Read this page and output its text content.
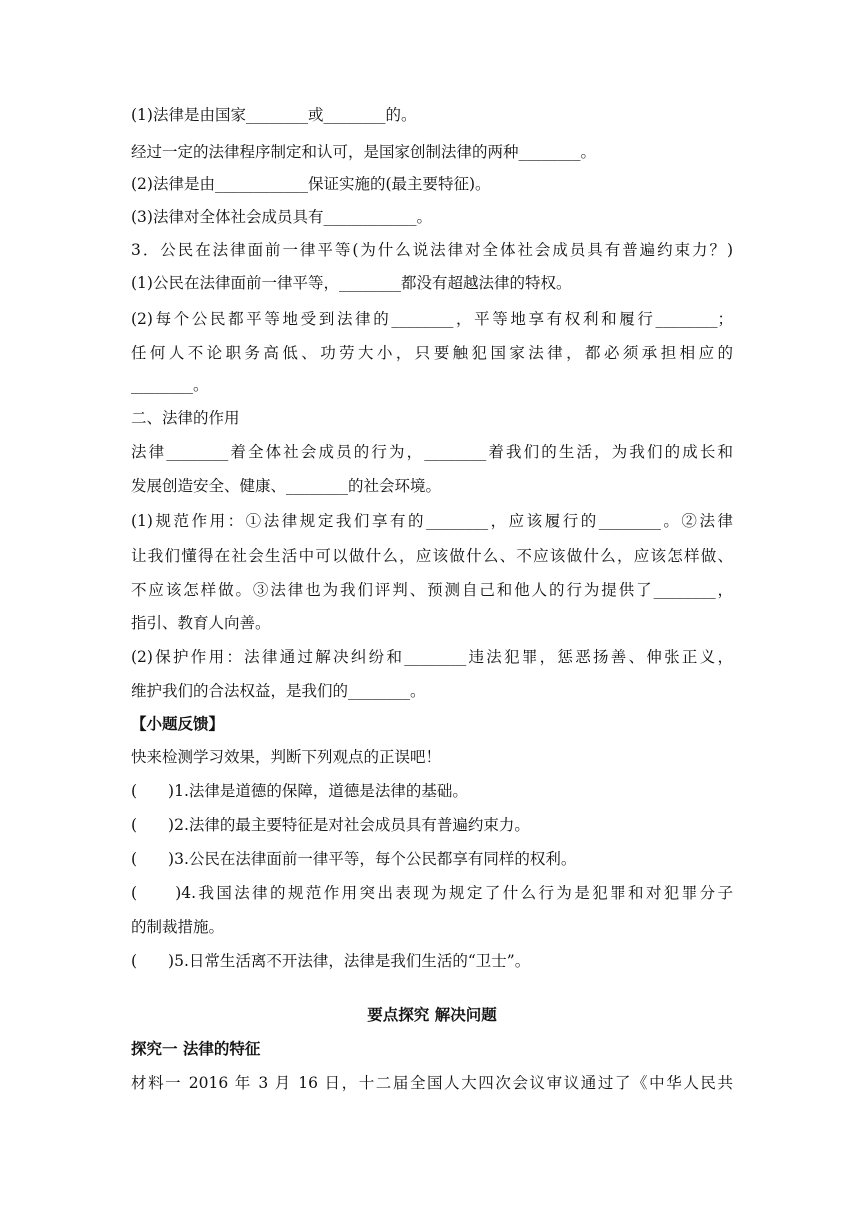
(1)法律是由国家________或________的。
经过一定的法律程序制定和认可，是国家创制法律的两种________。
(2)法律是由____________保证实施的(最主要特征)。
(3)法律对全体社会成员具有____________。
3．公民在法律面前一律平等(为什么说法律对全体社会成员具有普遍约束力？)
(1)公民在法律面前一律平等，________都没有超越法律的特权。
(2)每个公民都平等地受到法律的________，平等地享有权利和履行________；
任何人不论职务高低、功劳大小，只要触犯国家法律，都必须承担相应的
________。
二、法律的作用
法律________着全体社会成员的行为，________着我们的生活，为我们的成长和
发展创造安全、健康、________的社会环境。
(1)规范作用：①法律规定我们享有的________，应该履行的________。②法律
让我们懂得在社会生活中可以做什么，应该做什么、不应该做什么，应该怎样做、
不应该怎样做。③法律也为我们评判、预测自己和他人的行为提供了________，
指引、教育人向善。
(2)保护作用：法律通过解决纠纷和________违法犯罪，惩恶扬善、伸张正义，
维护我们的合法权益，是我们的________。
【小题反馈】
快来检测学习效果，判断下列观点的正误吧！
(　　)1.法律是道德的保障，道德是法律的基础。
(　　)2.法律的最主要特征是对社会成员具有普遍约束力。
(　　)3.公民在法律面前一律平等，每个公民都享有同样的权利。
(　　)4.我国法律的规范作用突出表现为规定了什么行为是犯罪和对犯罪分子
的制裁措施。
(　　)5.日常生活离不开法律，法律是我们生活的“卫士”。
要点探究 解决问题
探究一 法律的特征
材料一 2016 年 3 月 16 日，十二届全国人大四次会议审议通过了《中华人民共
